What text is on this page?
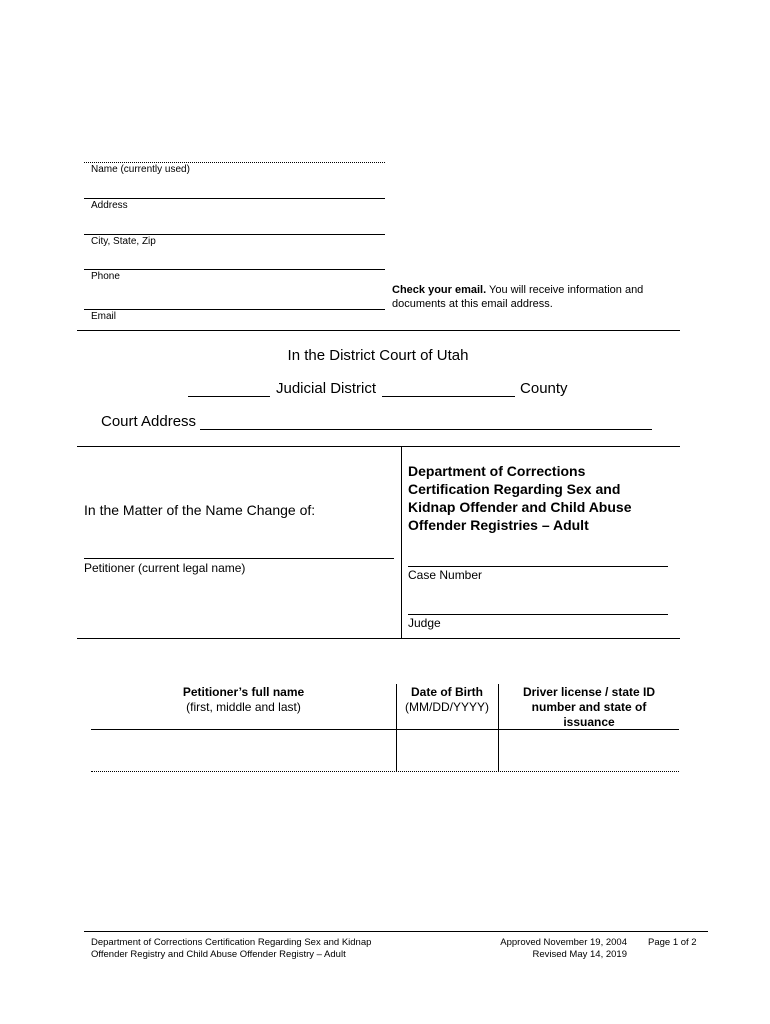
Name (currently used)
Address
City, State, Zip
Phone
Email
Check your email. You will receive information and documents at this email address.
In the District Court of Utah
Judicial District	County
Court Address
In the Matter of the Name Change of:
Petitioner (current legal name)
Department of Corrections Certification Regarding Sex and Kidnap Offender and Child Abuse Offender Registries – Adult
Case Number
Judge
Petitioner’s full name
(first, middle and last)
Date of Birth
(MM/DD/YYYY)
Driver license / state ID number and state of issuance
Department of Corrections Certification Regarding Sex and Kidnap
Offender Registry and Child Abuse Offender Registry – Adult
Approved November 19, 2004
Revised May 14, 2019
Page 1 of 2
